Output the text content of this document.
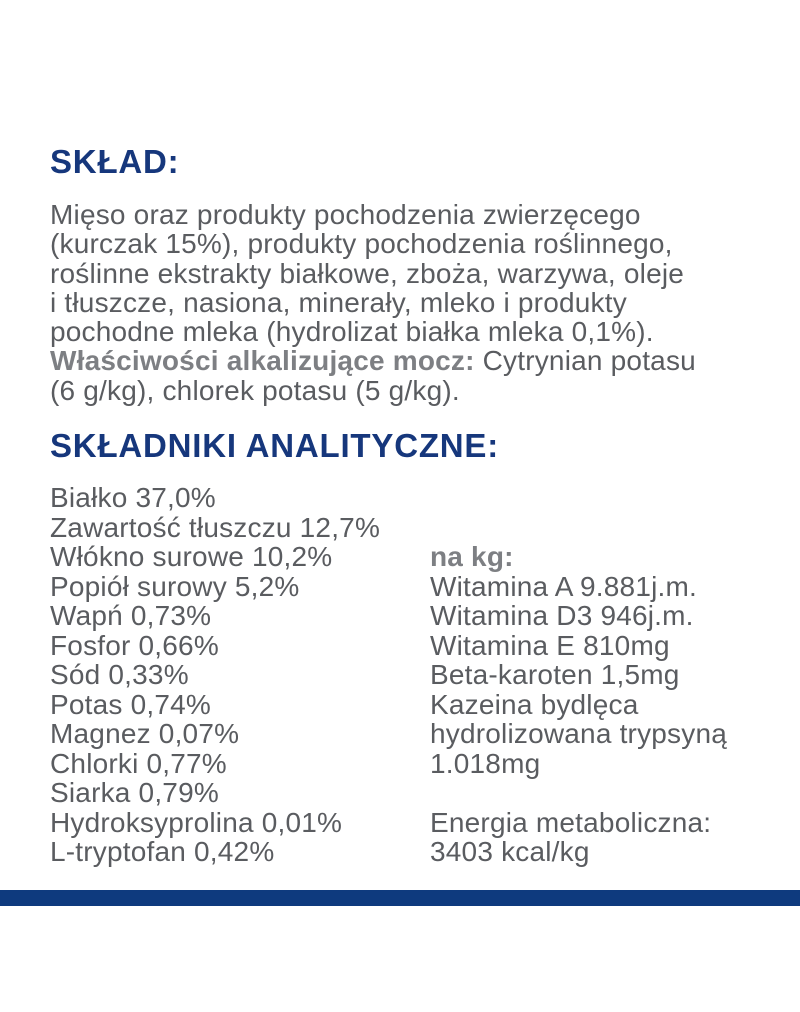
SKŁAD:
Mięso oraz produkty pochodzenia zwierzęcego
(kurczak 15%), produkty pochodzenia roślinnego,
roślinne ekstrakty białkowe, zboża, warzywa, oleje
i tłuszcze, nasiona, minerały, mleko i produkty
pochodne mleka (hydrolizat białka mleka 0,1%).
Właściwości alkalizujące mocz: Cytrynian potasu
(6 g/kg), chlorek potasu (5 g/kg).
SKŁADNIKI ANALITYCZNE:
Białko 37,0%
Zawartość tłuszczu 12,7%
Włókno surowe 10,2%
Popiół surowy 5,2%
Wapń 0,73%
Fosfor 0,66%
Sód 0,33%
Potas 0,74%
Magnez 0,07%
Chlorki 0,77%
Siarka 0,79%
Hydroksyprolina 0,01%
L-tryptofan 0,42%
na kg:
Witamina A 9.881j.m.
Witamina D3 946j.m.
Witamina E 810mg
Beta-karoten 1,5mg
Kazeina bydlęca
hydrolizowana trypsyną
1.018mg
Energia metaboliczna:
3403 kcal/kg
